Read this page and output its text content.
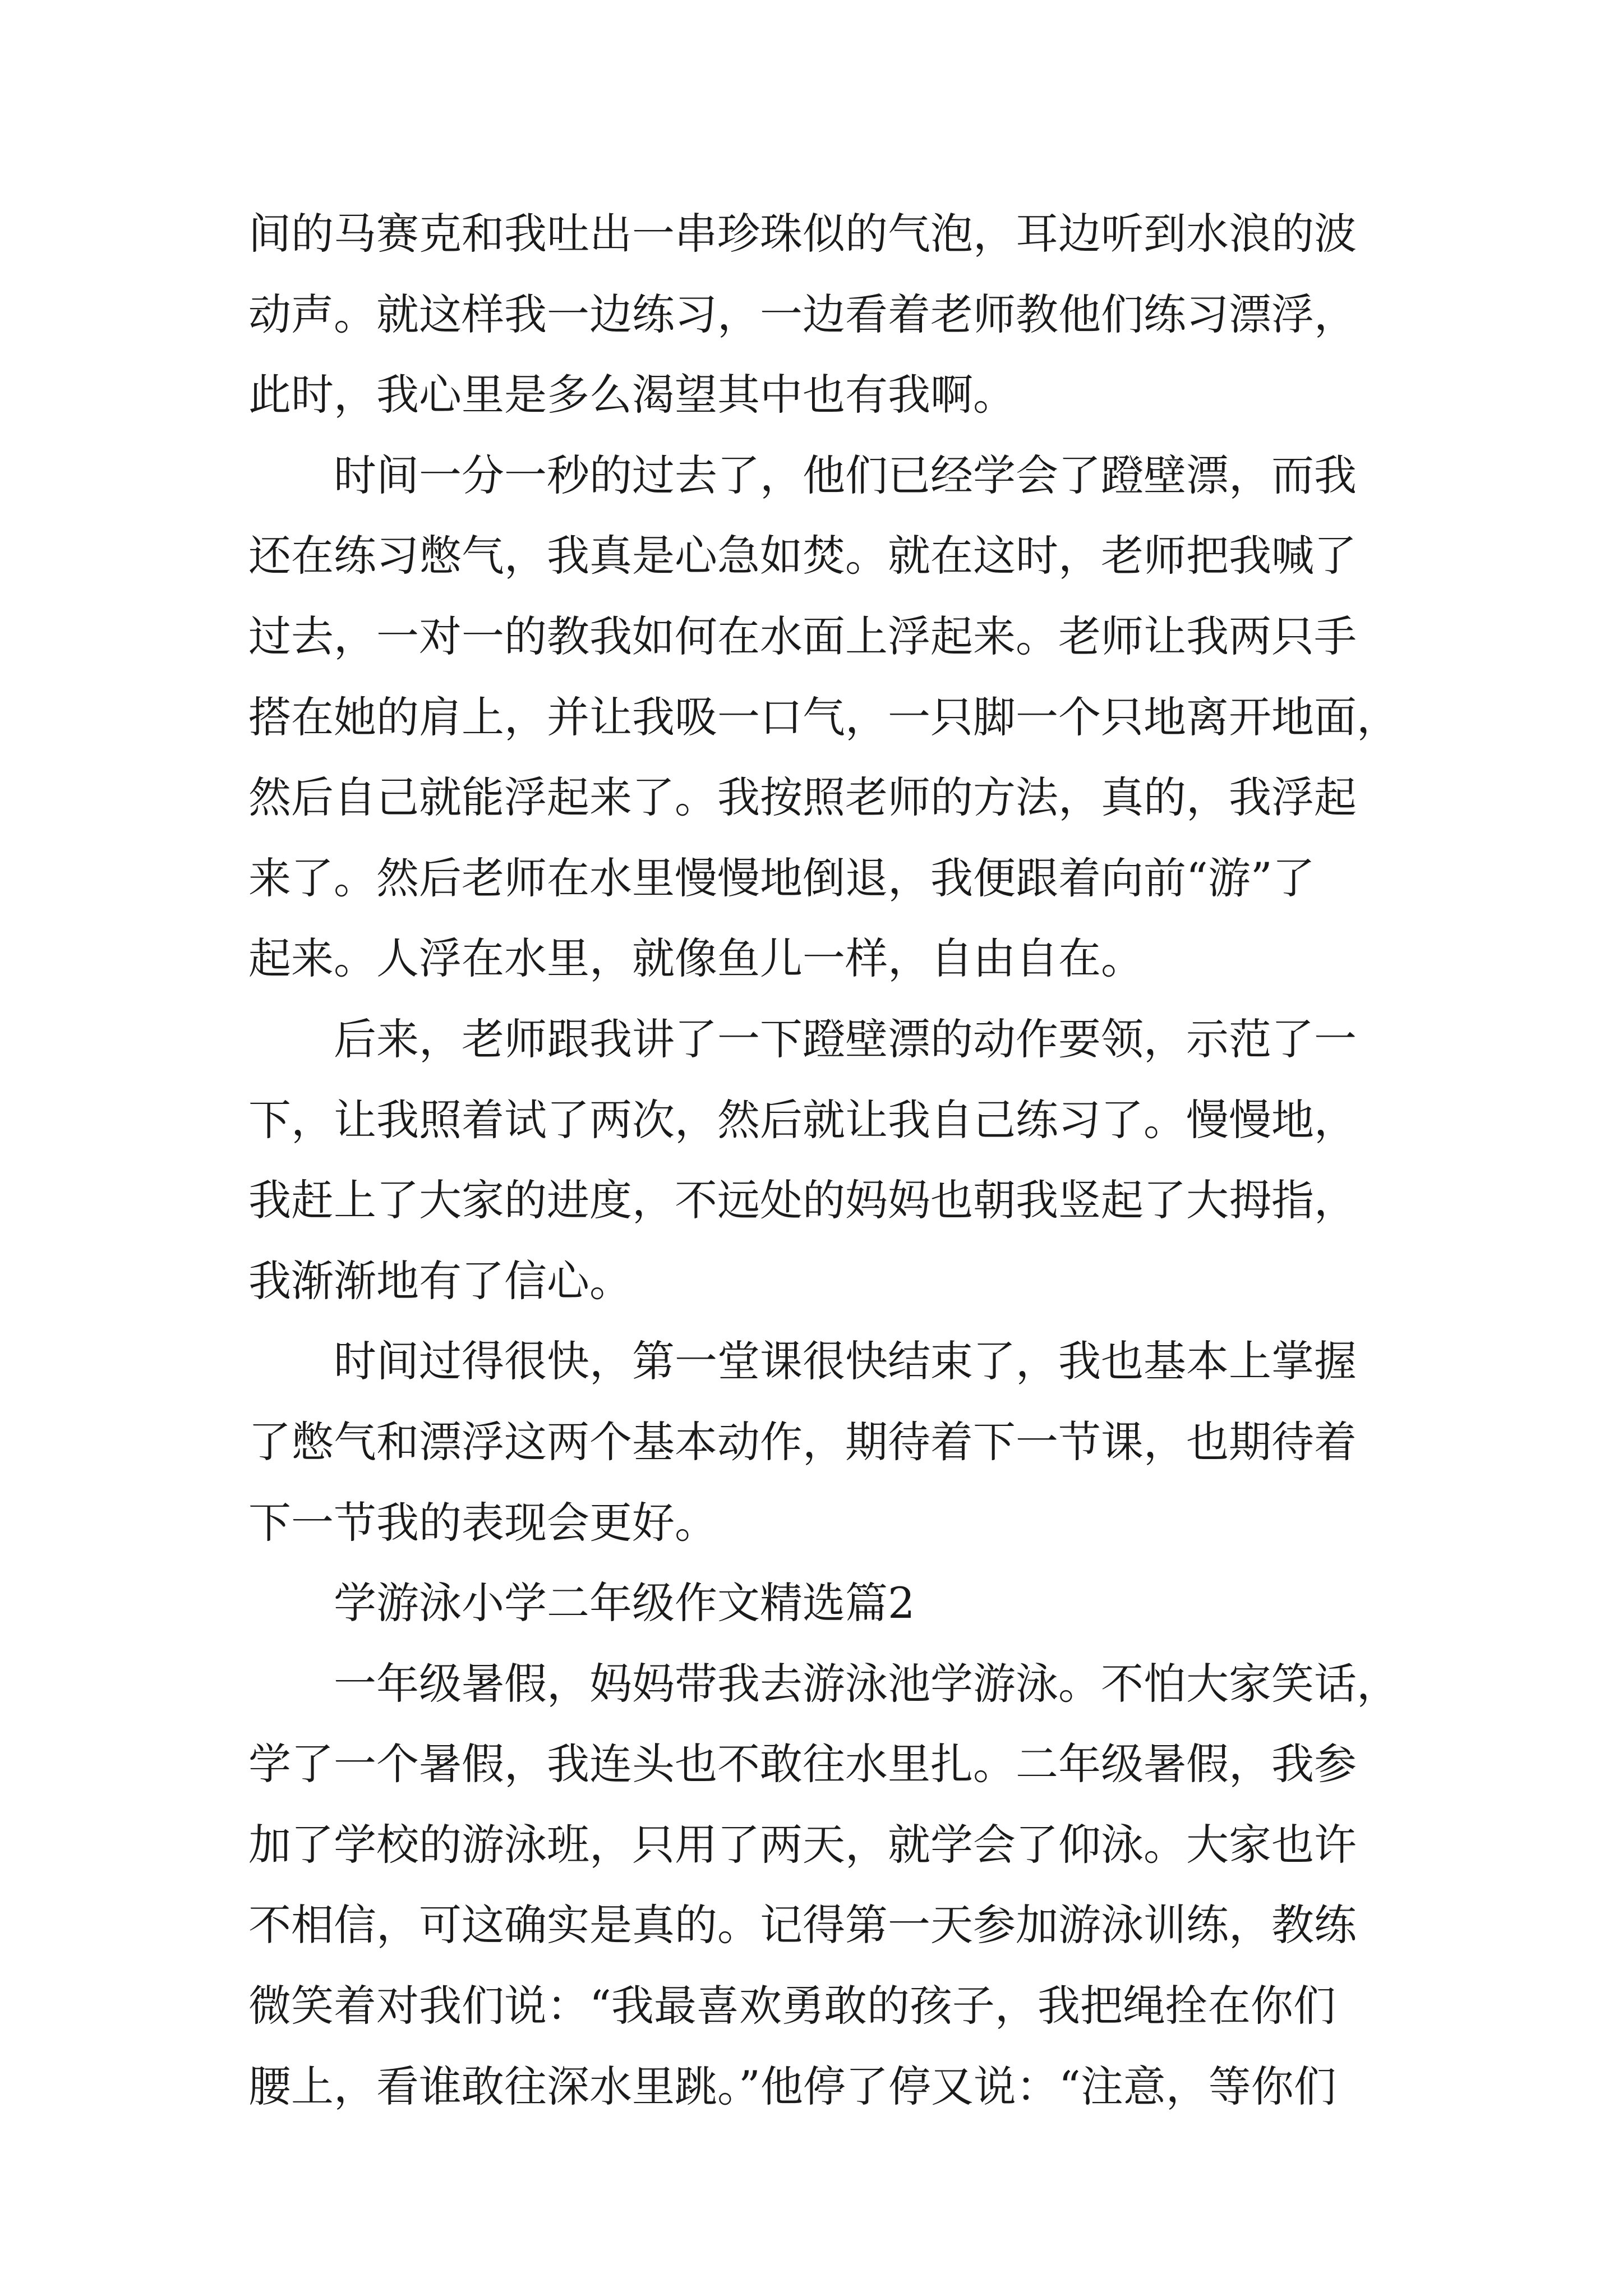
间的马赛克和我吐出一串珍珠似的气泡，耳边听到水浪的波
动声。就这样我一边练习，一边看着老师教他们练习漂浮，
此时，我心里是多么渴望其中也有我啊。
时间一分一秒的过去了，他们已经学会了蹬壁漂，而我
还在练习憋气，我真是心急如焚。就在这时，老师把我喊了
过去，一对一的教我如何在水面上浮起来。老师让我两只手
搭在她的肩上，并让我吸一口气，一只脚一个只地离开地面，
然后自己就能浮起来了。我按照老师的方法，真的，我浮起
来了。然后老师在水里慢慢地倒退，我便跟着向前“游”了
起来。人浮在水里，就像鱼儿一样，自由自在。
后来，老师跟我讲了一下蹬壁漂的动作要领，示范了一
下，让我照着试了两次，然后就让我自己练习了。慢慢地，
我赶上了大家的进度，不远处的妈妈也朝我竖起了大拇指，
我渐渐地有了信心。
时间过得很快，第一堂课很快结束了，我也基本上掌握
了憋气和漂浮这两个基本动作，期待着下一节课，也期待着
下一节我的表现会更好。
学游泳小学二年级作文精选篇2
一年级暑假，妈妈带我去游泳池学游泳。不怕大家笑话，
学了一个暑假，我连头也不敢往水里扎。二年级暑假，我参
加了学校的游泳班，只用了两天，就学会了仰泳。大家也许
不相信，可这确实是真的。记得第一天参加游泳训练，教练
微笑着对我们说：“我最喜欢勇敢的孩子，我把绳拴在你们
腰上，看谁敢往深水里跳。”他停了停又说：“注意，等你们
